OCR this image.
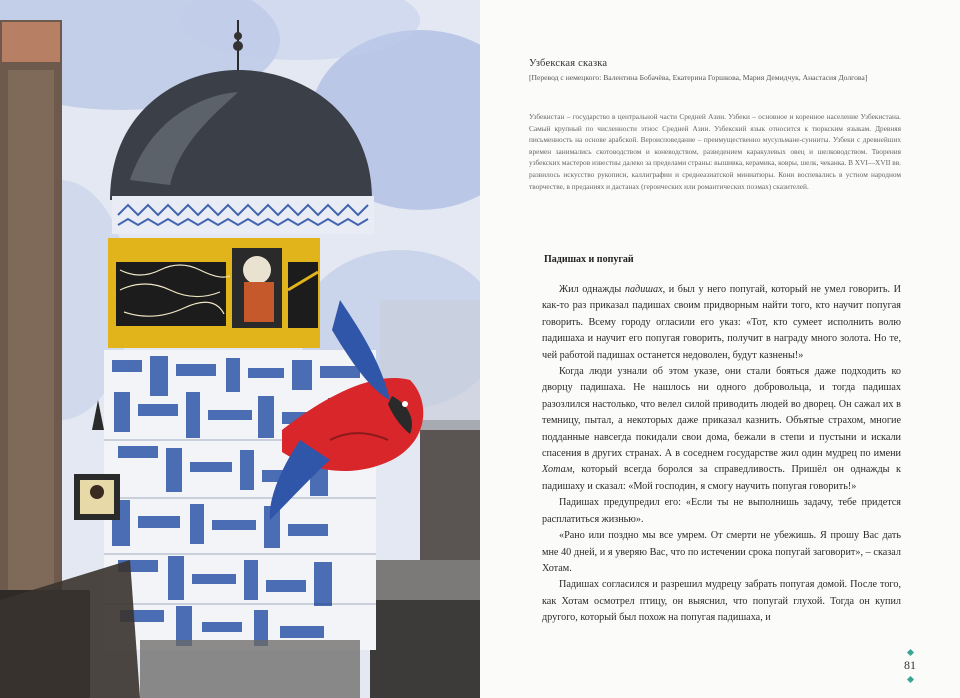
Узбекская сказка
[Перевод с немецкого: Валентина Бобачёва, Екатерина Горшкова, Мария Демидчук, Анастасия Долгова]

Узбекистан – государство в центральной части Средней Азии. Узбеки – основное и коренное население Узбекистана. Самый крупный по численности этнос Средней Азии. Узбекский язык относится к тюркским языкам. Древняя письменность на основе арабской. Вероисповедание – преимущественно мусульмане-сунниты. Узбеки с древнейших времен занимались скотоводством и коневодством, разведением каракулевых овец и шелководством. Творения узбекских мастеров известны далеко за пределами страны: вышивка, керамика, ковры, шелк, чеканка. В XVI—XVII вв. развилось искусство рукописи, каллиграфии и среднеазиатской миниатюры. Кони воспевались в устном народном творчестве, в преданиях и дастанах (героических или романтических поэмах) сказителей.

Падишах и попугай

Жил однажды падишах, и был у него попугай, который не умел говорить. И как-то раз приказал падишах своим придворным найти того, кто научит попугая говорить. Всему городу огласили его указ: «Тот, кто сумеет исполнить волю падишаха и научит его попугая говорить, получит в награду много золота. Но те, чей работой падишах останется недоволен, будут казнены!»

Когда люди узнали об этом указе, они стали бояться даже подходить ко дворцу падишаха. Не нашлось ни одного добровольца, и тогда падишах разозлился настолько, что велел силой приводить людей во дворец. Он сажал их в темницу, пытал, а некоторых даже приказал казнить. Объятые страхом, многие подданные навсегда покидали свои дома, бежали в степи и пустыни и искали спасения в других странах. А в соседнем государстве жил один мудрец по имени Хотам, который всегда боролся за справедливость. Пришёл он однажды к падишаху и сказал: «Мой господин, я смогу научить попугая говорить!»

Падишах предупредил его: «Если ты не выполнишь задачу, тебе придется расплатиться жизнью».

«Рано или поздно мы все умрем. От смерти не убежишь. Я прошу Вас дать мне 40 дней, и я уверяю Вас, что по истечении срока попугай заговорит», – сказал Хотам.

Падишах согласился и разрешил мудрецу забрать попугая домой. После того, как Хотам осмотрел птицу, он выяснил, что попугай глухой. Тогда он купил другого, который был похож на попугая падишаха, и

81
